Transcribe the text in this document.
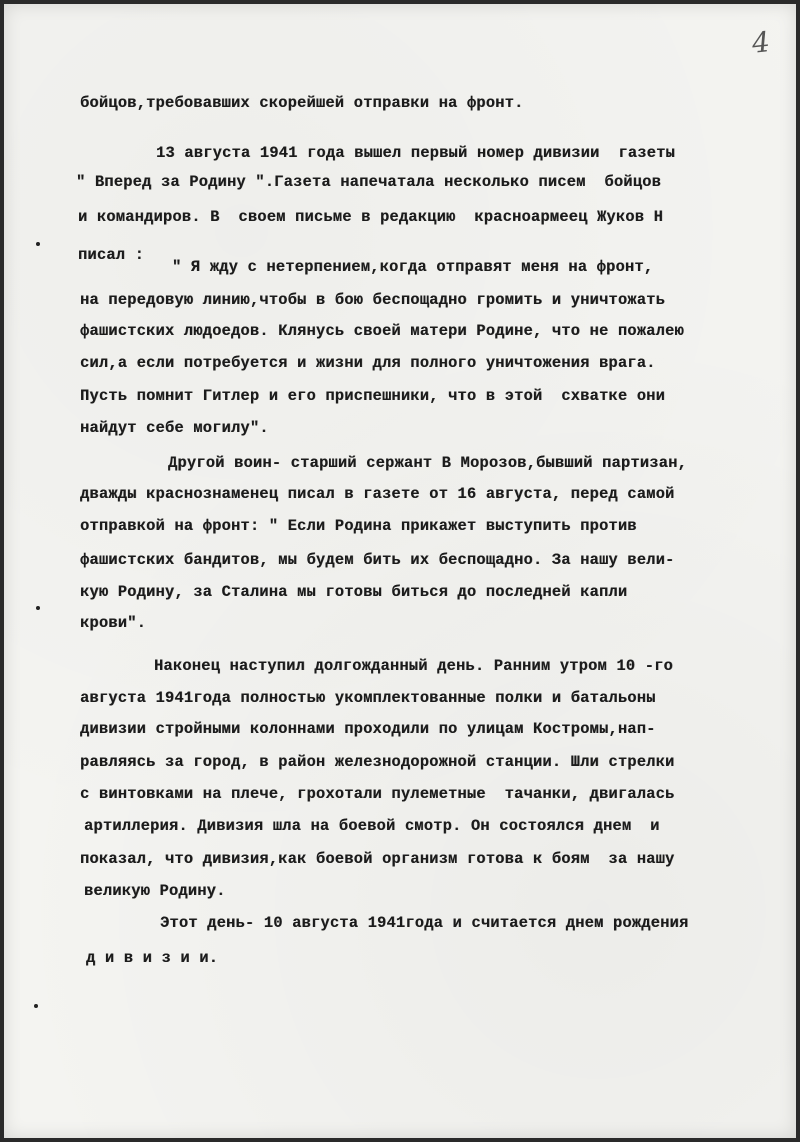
4
бойцов,требовавших скорейшей отправки на фронт.
13 августа 1941 года вышел первый номер дивизии  газеты
" Вперед за Родину ".Газета напечатала несколько писем  бойцов
и командиров. В  своем письме в редакцию  красноармеец Жуков Н
писал :
" Я жду с нетерпением,когда отправят меня на фронт,
на передовую линию,чтобы в бою беспощадно громить и уничтожать
фашистских людоедов. Клянусь своей матери Родине, что не пожалею
сил,а если потребуется и жизни для полного уничтожения врага.
Пусть помнит Гитлер и его приспешники, что в этой  схватке они
найдут себе могилу".
Другой воин- старший сержант В Морозов,бывший партизан,
дважды краснознаменец писал в газете от 16 августа, перед самой
отправкой на фронт: " Если Родина прикажет выступить против
фашистских бандитов, мы будем бить их беспощадно. За нашу вели-
кую Родину, за Сталина мы готовы биться до последней капли
крови".
Наконец наступил долгожданный день. Ранним утром 10 -го
августа 1941года полностью укомплектованные полки и батальоны
дивизии стройными колоннами проходили по улицам Костромы,нап-
равляясь за город, в район железнодорожной станции. Шли стрелки
с винтовками на плече, грохотали пулеметные  тачанки, двигалась
артиллерия. Дивизия шла на боевой смотр. Он состоялся днем  и
показал, что дивизия,как боевой организм готова к боям  за нашу
великую Родину.
Этот день- 10 августа 1941года и считается днем рождения
д и в и з и и.
